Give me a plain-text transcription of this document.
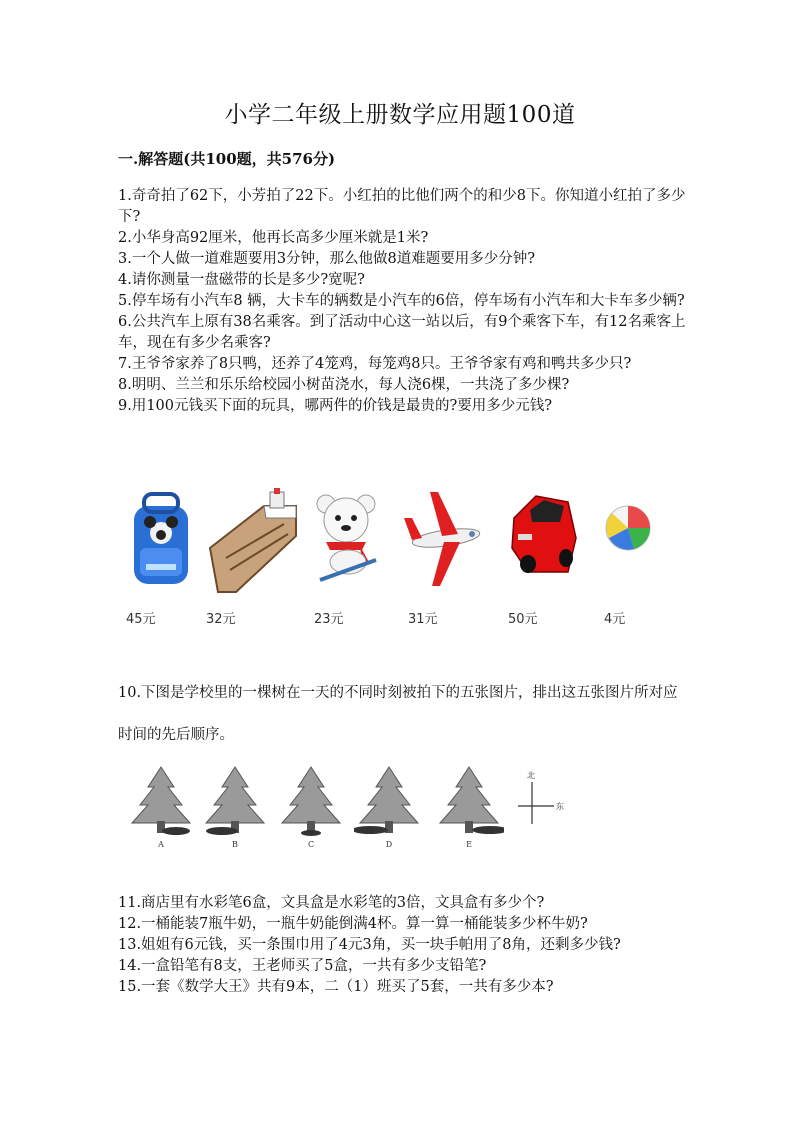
小学二年级上册数学应用题100道
一.解答题(共100题，共576分)

1.奇奇拍了62下，小芳拍了22下。小红拍的比他们两个的和少8下。你知道小红拍了多少下?

2.小华身高92厘米，他再长高多少厘米就是1米?

3.一个人做一道难题要用3分钟，那么他做8道难题要用多少分钟?

4.请你测量一盘磁带的长是多少?宽呢?

5.停车场有小汽车8 辆，大卡车的辆数是小汽车的6倍，停车场有小汽车和大卡车多少辆?

6.公共汽车上原有38名乘客。到了活动中心这一站以后，有9个乘客下车，有12名乘客上车，现在有多少名乘客?

7.王爷爷家养了8只鸭，还养了4笼鸡，每笼鸡8只。王爷爷家有鸡和鸭共多少只?

8.明明、兰兰和乐乐给校园小树苗浇水，每人浇6棵，一共浇了多少棵?

9.用100元钱买下面的玩具，哪两件的价钱是最贵的?要用多少元钱?

45元	32元	23元	31元	50元	4元
10.下图是学校里的一棵树在一天的不同时刻被拍下的五张图片，排出这五张图片所对应时间的先后顺序。
A	B	C	D	E
北
东

11.商店里有水彩笔6盒，文具盒是水彩笔的3倍，文具盒有多少个?

12.一桶能装7瓶牛奶，一瓶牛奶能倒满4杯。算一算一桶能装多少杯牛奶?

13.姐姐有6元钱，买一条围巾用了4元3角，买一块手帕用了8角，还剩多少钱?

14.一盒铅笔有8支，王老师买了5盒，一共有多少支铅笔?

15.一套《数学大王》共有9本，二（1）班买了5套，一共有多少本?
